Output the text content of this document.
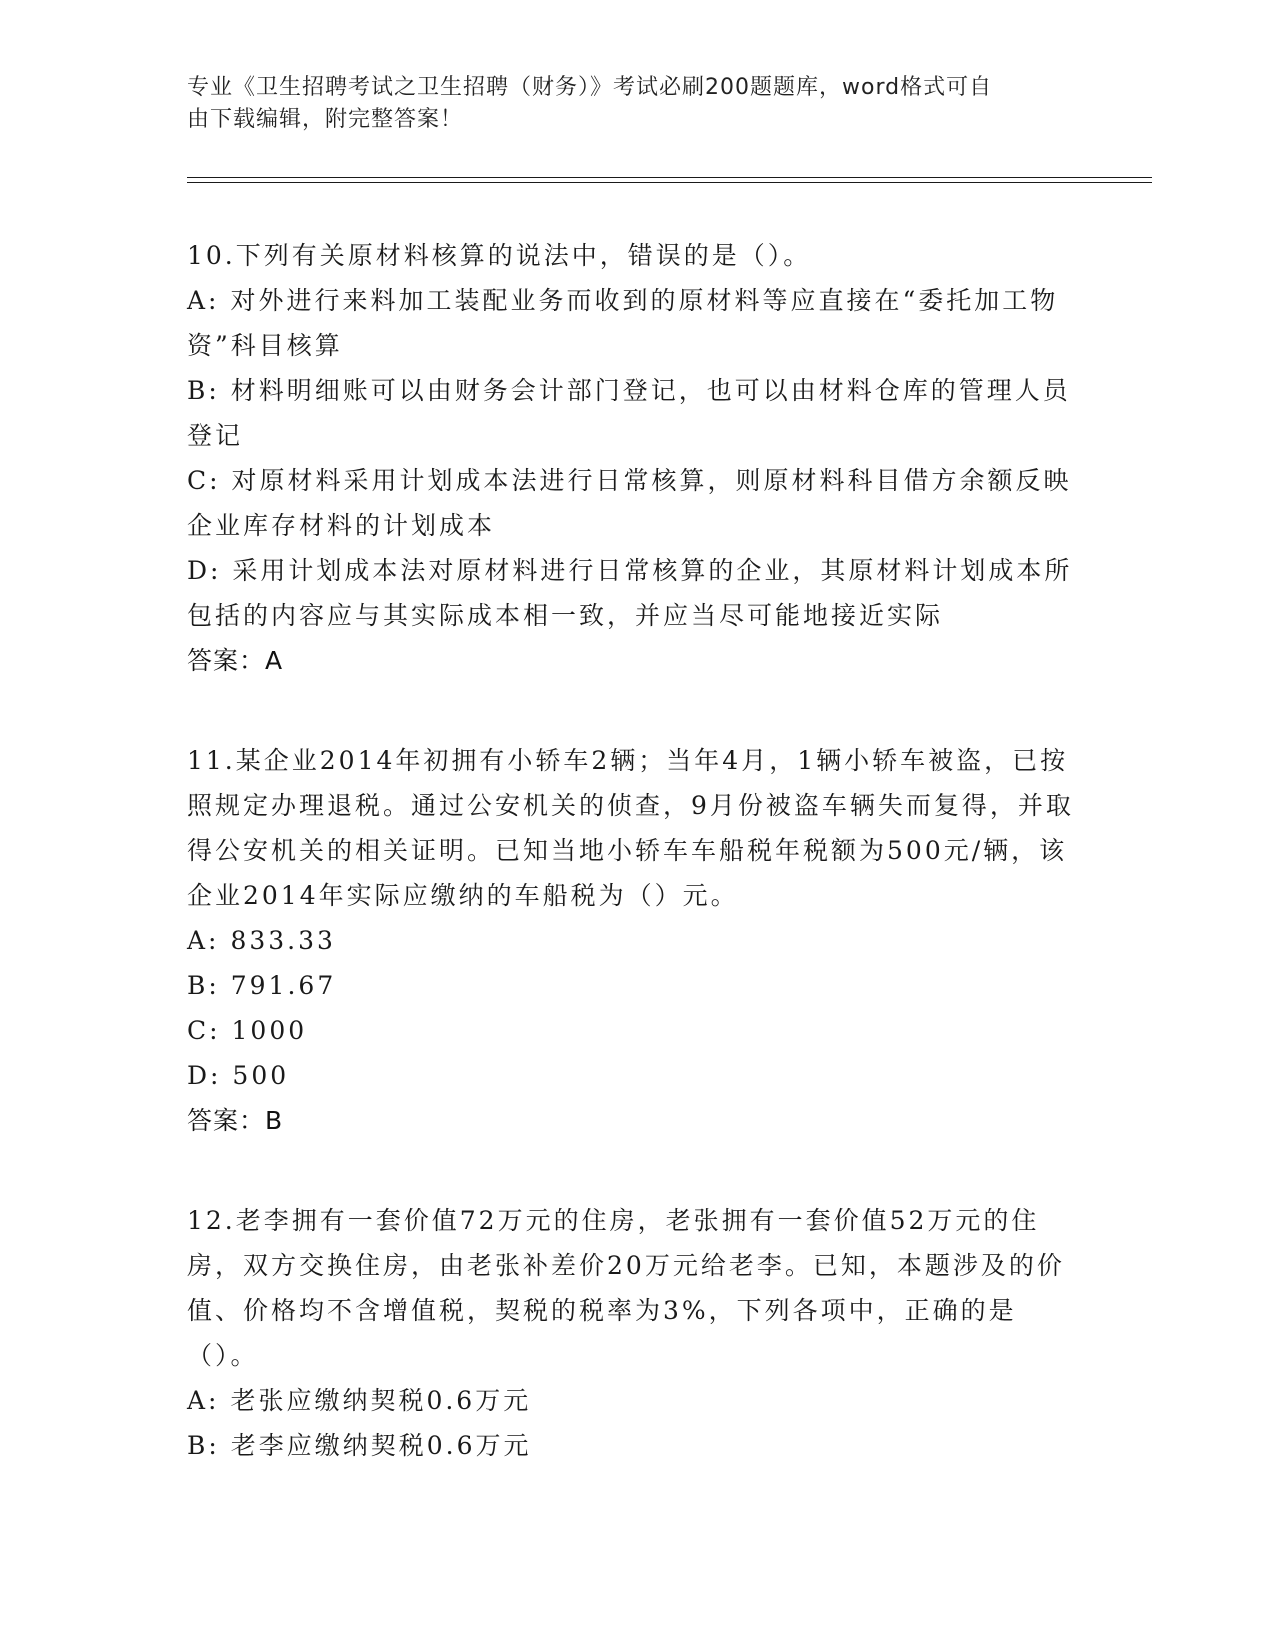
专业《卫生招聘考试之卫生招聘（财务）》考试必刷200题题库，word格式可自
由下载编辑，附完整答案！

10.下列有关原材料核算的说法中，错误的是（）。

A: 对外进行来料加工装配业务而收到的原材料等应直接在“委托加工物资”科目核算

B: 材料明细账可以由财务会计部门登记，也可以由材料仓库的管理人员登记

C: 对原材料采用计划成本法进行日常核算，则原材料科目借方余额反映企业库存材料的计划成本

D: 采用计划成本法对原材料进行日常核算的企业，其原材料计划成本所包括的内容应与其实际成本相一致，并应当尽可能地接近实际

答案：A

11.某企业2014年初拥有小轿车2辆；当年4月，1辆小轿车被盗，已按照规定办理退税。通过公安机关的侦查，9月份被盗车辆失而复得，并取得公安机关的相关证明。已知当地小轿车车船税年税额为500元/辆，该企业2014年实际应缴纳的车船税为（）元。

A: 833.33

B: 791.67

C: 1000

D: 500

答案：B

12.老李拥有一套价值72万元的住房，老张拥有一套价值52万元的住房，双方交换住房，由老张补差价20万元给老李。已知，本题涉及的价值、价格均不含增值税，契税的税率为3%，下列各项中，正确的是（）。

A: 老张应缴纳契税0.6万元

B: 老李应缴纳契税0.6万元
